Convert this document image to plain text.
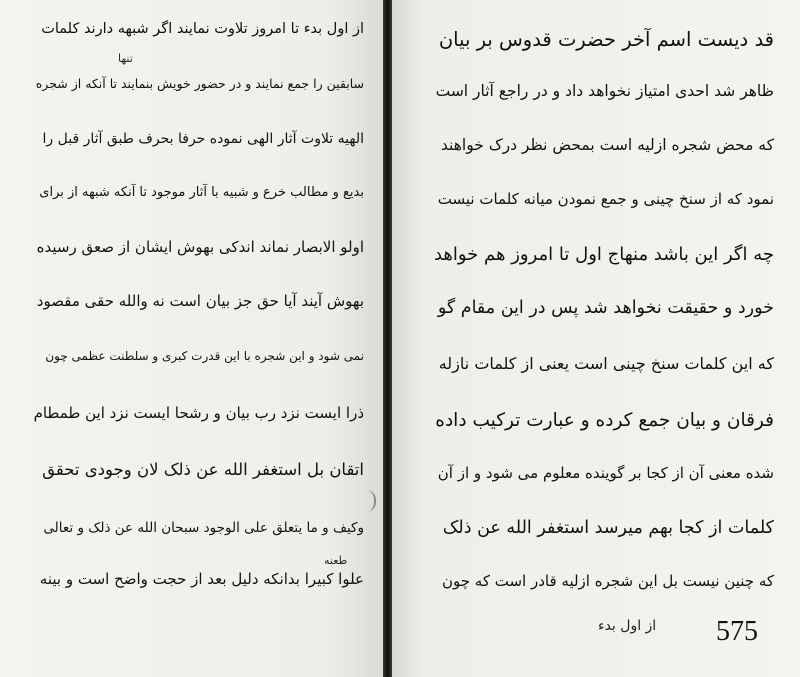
از اول بدء تا امروز تلاوت نمایند اگر شبهه دارند کلمات
سابقین را جمع نمایند و در حضور خویش بنمایند تا آنکه از شجره
الهیه تلاوت آثار الهی نموده حرفا بحرف طبق آثار قبل را
بدیع و مطالب خرع و شبیه با آثار موجود تا آنکه شبهه از برای
اولو الابصار نماند اندکی بهوش ایشان از صعق رسیده
بهوش آیند آیا حق جز بیان است نه والله حقی مقصود
نمی شود و این شجره با این قدرت کبری و سلطنت عظمی چون
ذرا ایست نزد رب بیان و رشحا ایست نزد این طمطام
اتقان بل استغفر الله عن ذلک لان وجودی تحقق
وکیف و ما یتعلق علی الوجود سبحان الله عن ذلک و تعالی
علوا کبیرا بدانکه دلیل بعد از حجت واضح است و بینه
تنها
طعنه
قد دیست اسم آخر حضرت قدوس بر بیان
ظاهر شد احدی امتیاز نخواهد داد و در راجع آثار است
که محض شجره ازلیه است بمحض نظر درک خواهند
نمود که از سنخ چینی و جمع نمودن میانه کلمات نیست
چه اگر این باشد منهاج اول تا امروز هم خواهد
خورد و حقیقت نخواهد شد پس در این مقام گو
که این کلمات سنخ چینی است یعنی از کلمات نازله
فرقان و بیان جمع کرده و عبارت ترکیب داده
شده معنی آن از کجا بر گوینده معلوم می شود و از آن
کلمات از کجا بهم میرسد استغفر الله عن ذلک
که چنین نیست بل این شجره ازلیه قادر است که چون
از اول بدء 575
